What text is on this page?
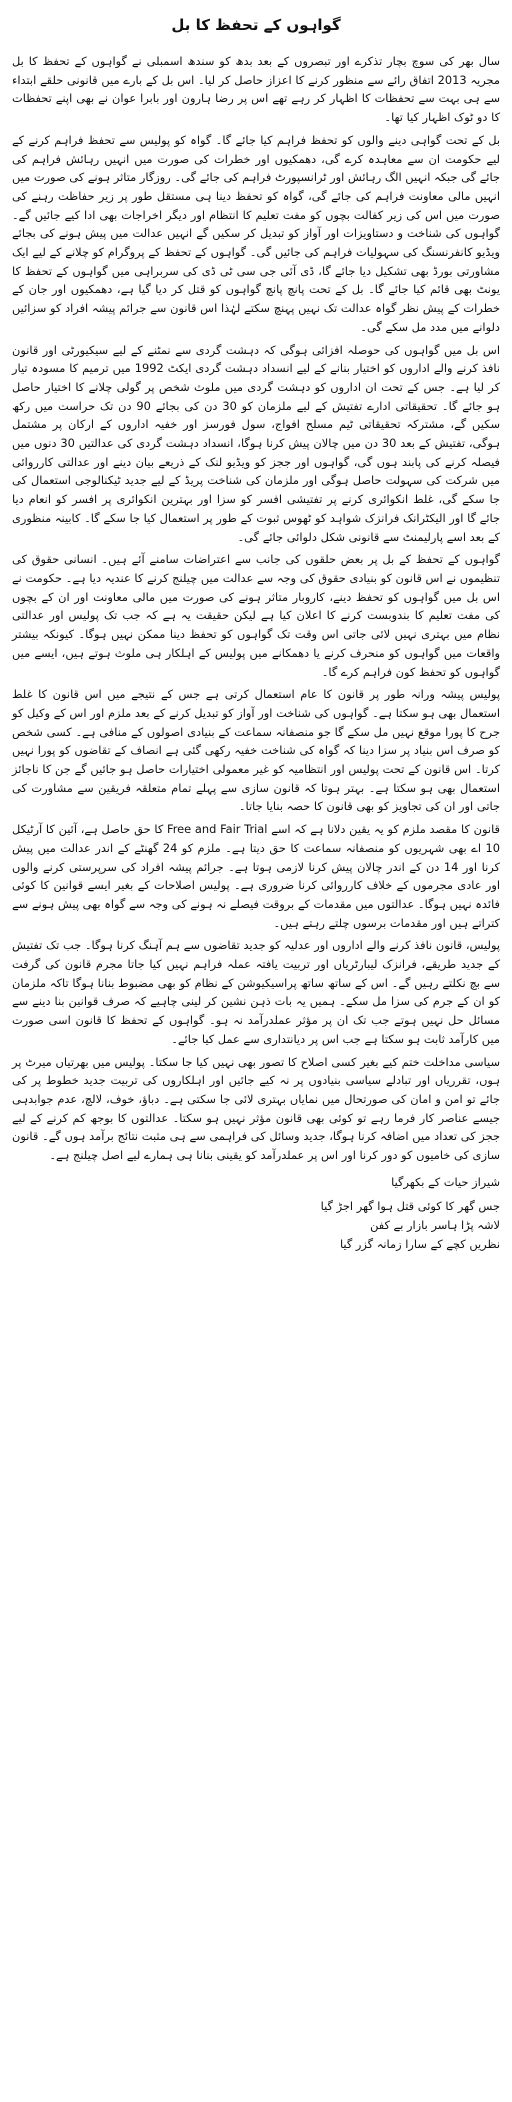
گواہوں کے تحفظ کا بل

سال بھر کی سوچ بچار تذکرے اور تبصروں کے بعد بدھ کو سندھ اسمبلی نے گواہوں کے تحفظ کا بل مجریہ 2013 اتفاق رائے سے منظور کرنے کا اعزاز حاصل کر لیا۔ اس بل کے بارے میں قانونی حلقے ابتداء سے ہی بہت سے تحفظات کا اظہار کر رہے تھے اس پر رضا ہارون اور بابرا عوان نے بھی اپنے تحفظات کا دو ٹوک اظہار کیا تھا۔

بل کے تحت گواہی دینے والوں کو تحفظ فراہم کیا جائے گا۔ گواہ کو پولیس سے تحفظ فراہم کرنے کے لیے حکومت ان سے معاہدہ کرے گی، دھمکیوں اور خطرات کی صورت میں انہیں رہائش فراہم کی جائے گی جبکہ انہیں الگ رہائش اور ٹرانسپورٹ فراہم کی جائے گی۔ روزگار متاثر ہونے کی صورت میں انہیں مالی معاونت فراہم کی جائے گی، گواہ کو تحفظ دینا ہی مستقل طور پر زیر حفاظت رہنے کی صورت میں اس کی زیر کفالت بچوں کو مفت تعلیم کا انتظام اور دیگر اخراجات بھی ادا کیے جائیں گے۔ گواہوں کی شناخت و دستاویزات اور آواز کو تبدیل کر سکیں گے انہیں عدالت میں پیش ہونے کی بجائے ویڈیو کانفرنسنگ کی سہولیات فراہم کی جائیں گی۔ گواہوں کے تحفظ کے پروگرام کو چلانے کے لیے ایک مشاورتی بورڈ بھی تشکیل دیا جائے گا، ڈی آئی جی سی ٹی ڈی کی سربراہی میں گواہوں کے تحفظ کا یونٹ بھی قائم کیا جائے گا۔ بل کے تحت پانچ پانچ گواہوں کو قتل کر دیا گیا ہے، دھمکیوں اور جان کے خطرات کے پیش نظر گواہ عدالت تک نہیں پہنچ سکتے لہٰذا اس قانون سے جرائم پیشہ افراد کو سزائیں دلوانے میں مدد مل سکے گی۔

اس بل میں گواہوں کی حوصلہ افزائی ہوگی کہ دہشت گردی سے نمٹنے کے لیے سیکیورٹی اور قانون نافذ کرنے والے اداروں کو اختیار بنانے کے لیے انسداد دہشت گردی ایکٹ 1992 میں ترمیم کا مسودہ تیار کر لیا ہے۔ جس کے تحت ان اداروں کو دہشت گردی میں ملوث شخص پر گولی چلانے کا اختیار حاصل ہو جائے گا۔ تحقیقاتی ادارے تفتیش کے لیے ملزمان کو 30 دن کی بجائے 90 دن تک حراست میں رکھ سکیں گے، مشترکہ تحقیقاتی ٹیم مسلح افواج، سول فورسز اور خفیہ اداروں کے ارکان پر مشتمل ہوگی، تفتیش کے بعد 30 دن میں چالان پیش کرنا ہوگا، انسداد دہشت گردی کی عدالتیں 30 دنوں میں فیصلہ کرنے کی پابند ہوں گی، گواہوں اور ججز کو ویڈیو لنک کے ذریعے بیان دینے اور عدالتی کارروائی میں شرکت کی سہولت حاصل ہوگی اور ملزمان کی شناخت پریڈ کے لیے جدید ٹیکنالوجی استعمال کی جا سکے گی، غلط انکوائری کرنے پر تفتیشی افسر کو سزا اور بہترین انکوائری پر افسر کو انعام دیا جائے گا اور الیکٹرانک فرانزک شواہد کو ٹھوس ثبوت کے طور پر استعمال کیا جا سکے گا۔ کابینہ منظوری کے بعد اسے پارلیمنٹ سے قانونی شکل دلوائی جائے گی۔

گواہوں کے تحفظ کے بل پر بعض حلقوں کی جانب سے اعتراضات سامنے آئے ہیں۔ انسانی حقوق کی تنظیموں نے اس قانون کو بنیادی حقوق کی وجہ سے عدالت میں چیلنج کرنے کا عندیہ دیا ہے۔ حکومت نے اس بل میں گواہوں کو تحفظ دینے، کاروبار متاثر ہونے کی صورت میں مالی معاونت اور ان کے بچوں کی مفت تعلیم کا بندوبست کرنے کا اعلان کیا ہے لیکن حقیقت یہ ہے کہ جب تک پولیس اور عدالتی نظام میں بہتری نہیں لائی جاتی اس وقت تک گواہوں کو تحفظ دینا ممکن نہیں ہوگا۔ کیونکہ بیشتر واقعات میں گواہوں کو منحرف کرنے یا دھمکانے میں پولیس کے اہلکار ہی ملوث ہوتے ہیں، ایسے میں گواہوں کو تحفظ کون فراہم کرے گا۔

پولیس پیشہ ورانہ طور پر قانون کا عام استعمال کرتی ہے جس کے نتیجے میں اس قانون کا غلط استعمال بھی ہو سکتا ہے۔ گواہوں کی شناخت اور آواز کو تبدیل کرنے کے بعد ملزم اور اس کے وکیل کو جرح کا پورا موقع نہیں مل سکے گا جو منصفانہ سماعت کے بنیادی اصولوں کے منافی ہے۔ کسی شخص کو صرف اس بنیاد پر سزا دینا کہ گواہ کی شناخت خفیہ رکھی گئی ہے انصاف کے تقاضوں کو پورا نہیں کرتا۔ اس قانون کے تحت پولیس اور انتظامیہ کو غیر معمولی اختیارات حاصل ہو جائیں گے جن کا ناجائز استعمال بھی ہو سکتا ہے۔ بہتر ہوتا کہ قانون سازی سے پہلے تمام متعلقہ فریقین سے مشاورت کی جاتی اور ان کی تجاویز کو بھی قانون کا حصہ بنایا جاتا۔

قانون کا مقصد ملزم کو یہ یقین دلانا ہے کہ اسے Free and Fair Trial کا حق حاصل ہے، آئین کا آرٹیکل 10 اے بھی شہریوں کو منصفانہ سماعت کا حق دیتا ہے۔ ملزم کو 24 گھنٹے کے اندر عدالت میں پیش کرنا اور 14 دن کے اندر چالان پیش کرنا لازمی ہوتا ہے۔ جرائم پیشہ افراد کی سرپرستی کرنے والوں اور عادی مجرموں کے خلاف کارروائی کرنا ضروری ہے۔ پولیس اصلاحات کے بغیر ایسے قوانین کا کوئی فائدہ نہیں ہوگا۔ عدالتوں میں مقدمات کے بروقت فیصلے نہ ہونے کی وجہ سے گواہ بھی پیش ہونے سے کتراتے ہیں اور مقدمات برسوں چلتے رہتے ہیں۔

پولیس، قانون نافذ کرنے والے اداروں اور عدلیہ کو جدید تقاضوں سے ہم آہنگ کرنا ہوگا۔ جب تک تفتیش کے جدید طریقے، فرانزک لیبارٹریاں اور تربیت یافتہ عملہ فراہم نہیں کیا جاتا مجرم قانون کی گرفت سے بچ نکلتے رہیں گے۔ اس کے ساتھ ساتھ پراسیکیوشن کے نظام کو بھی مضبوط بنانا ہوگا تاکہ ملزمان کو ان کے جرم کی سزا مل سکے۔ ہمیں یہ بات ذہن نشین کر لینی چاہیے کہ صرف قوانین بنا دینے سے مسائل حل نہیں ہوتے جب تک ان پر مؤثر عملدرآمد نہ ہو۔ گواہوں کے تحفظ کا قانون اسی صورت میں کارآمد ثابت ہو سکتا ہے جب اس پر دیانتداری سے عمل کیا جائے۔

سیاسی مداخلت ختم کیے بغیر کسی اصلاح کا تصور بھی نہیں کیا جا سکتا۔ پولیس میں بھرتیاں میرٹ پر ہوں، تقرریاں اور تبادلے سیاسی بنیادوں پر نہ کیے جائیں اور اہلکاروں کی تربیت جدید خطوط پر کی جائے تو امن و امان کی صورتحال میں نمایاں بہتری لائی جا سکتی ہے۔ دباؤ، خوف، لالچ، عدم جوابدہی جیسے عناصر کار فرما رہے تو کوئی بھی قانون مؤثر نہیں ہو سکتا۔ عدالتوں کا بوجھ کم کرنے کے لیے ججز کی تعداد میں اضافہ کرنا ہوگا، جدید وسائل کی فراہمی سے ہی مثبت نتائج برآمد ہوں گے۔ قانون سازی کی خامیوں کو دور کرنا اور اس پر عملدرآمد کو یقینی بنانا ہی ہمارے لیے اصل چیلنج ہے۔

شیراز حیات کے بکھرگیا
جس گھر کا کوئی قتل ہوا گھر اجڑ گیا
لاشہ پڑا ہاسر بازار بے کفن
نظریں کچے کے سارا زمانہ گزر گیا
